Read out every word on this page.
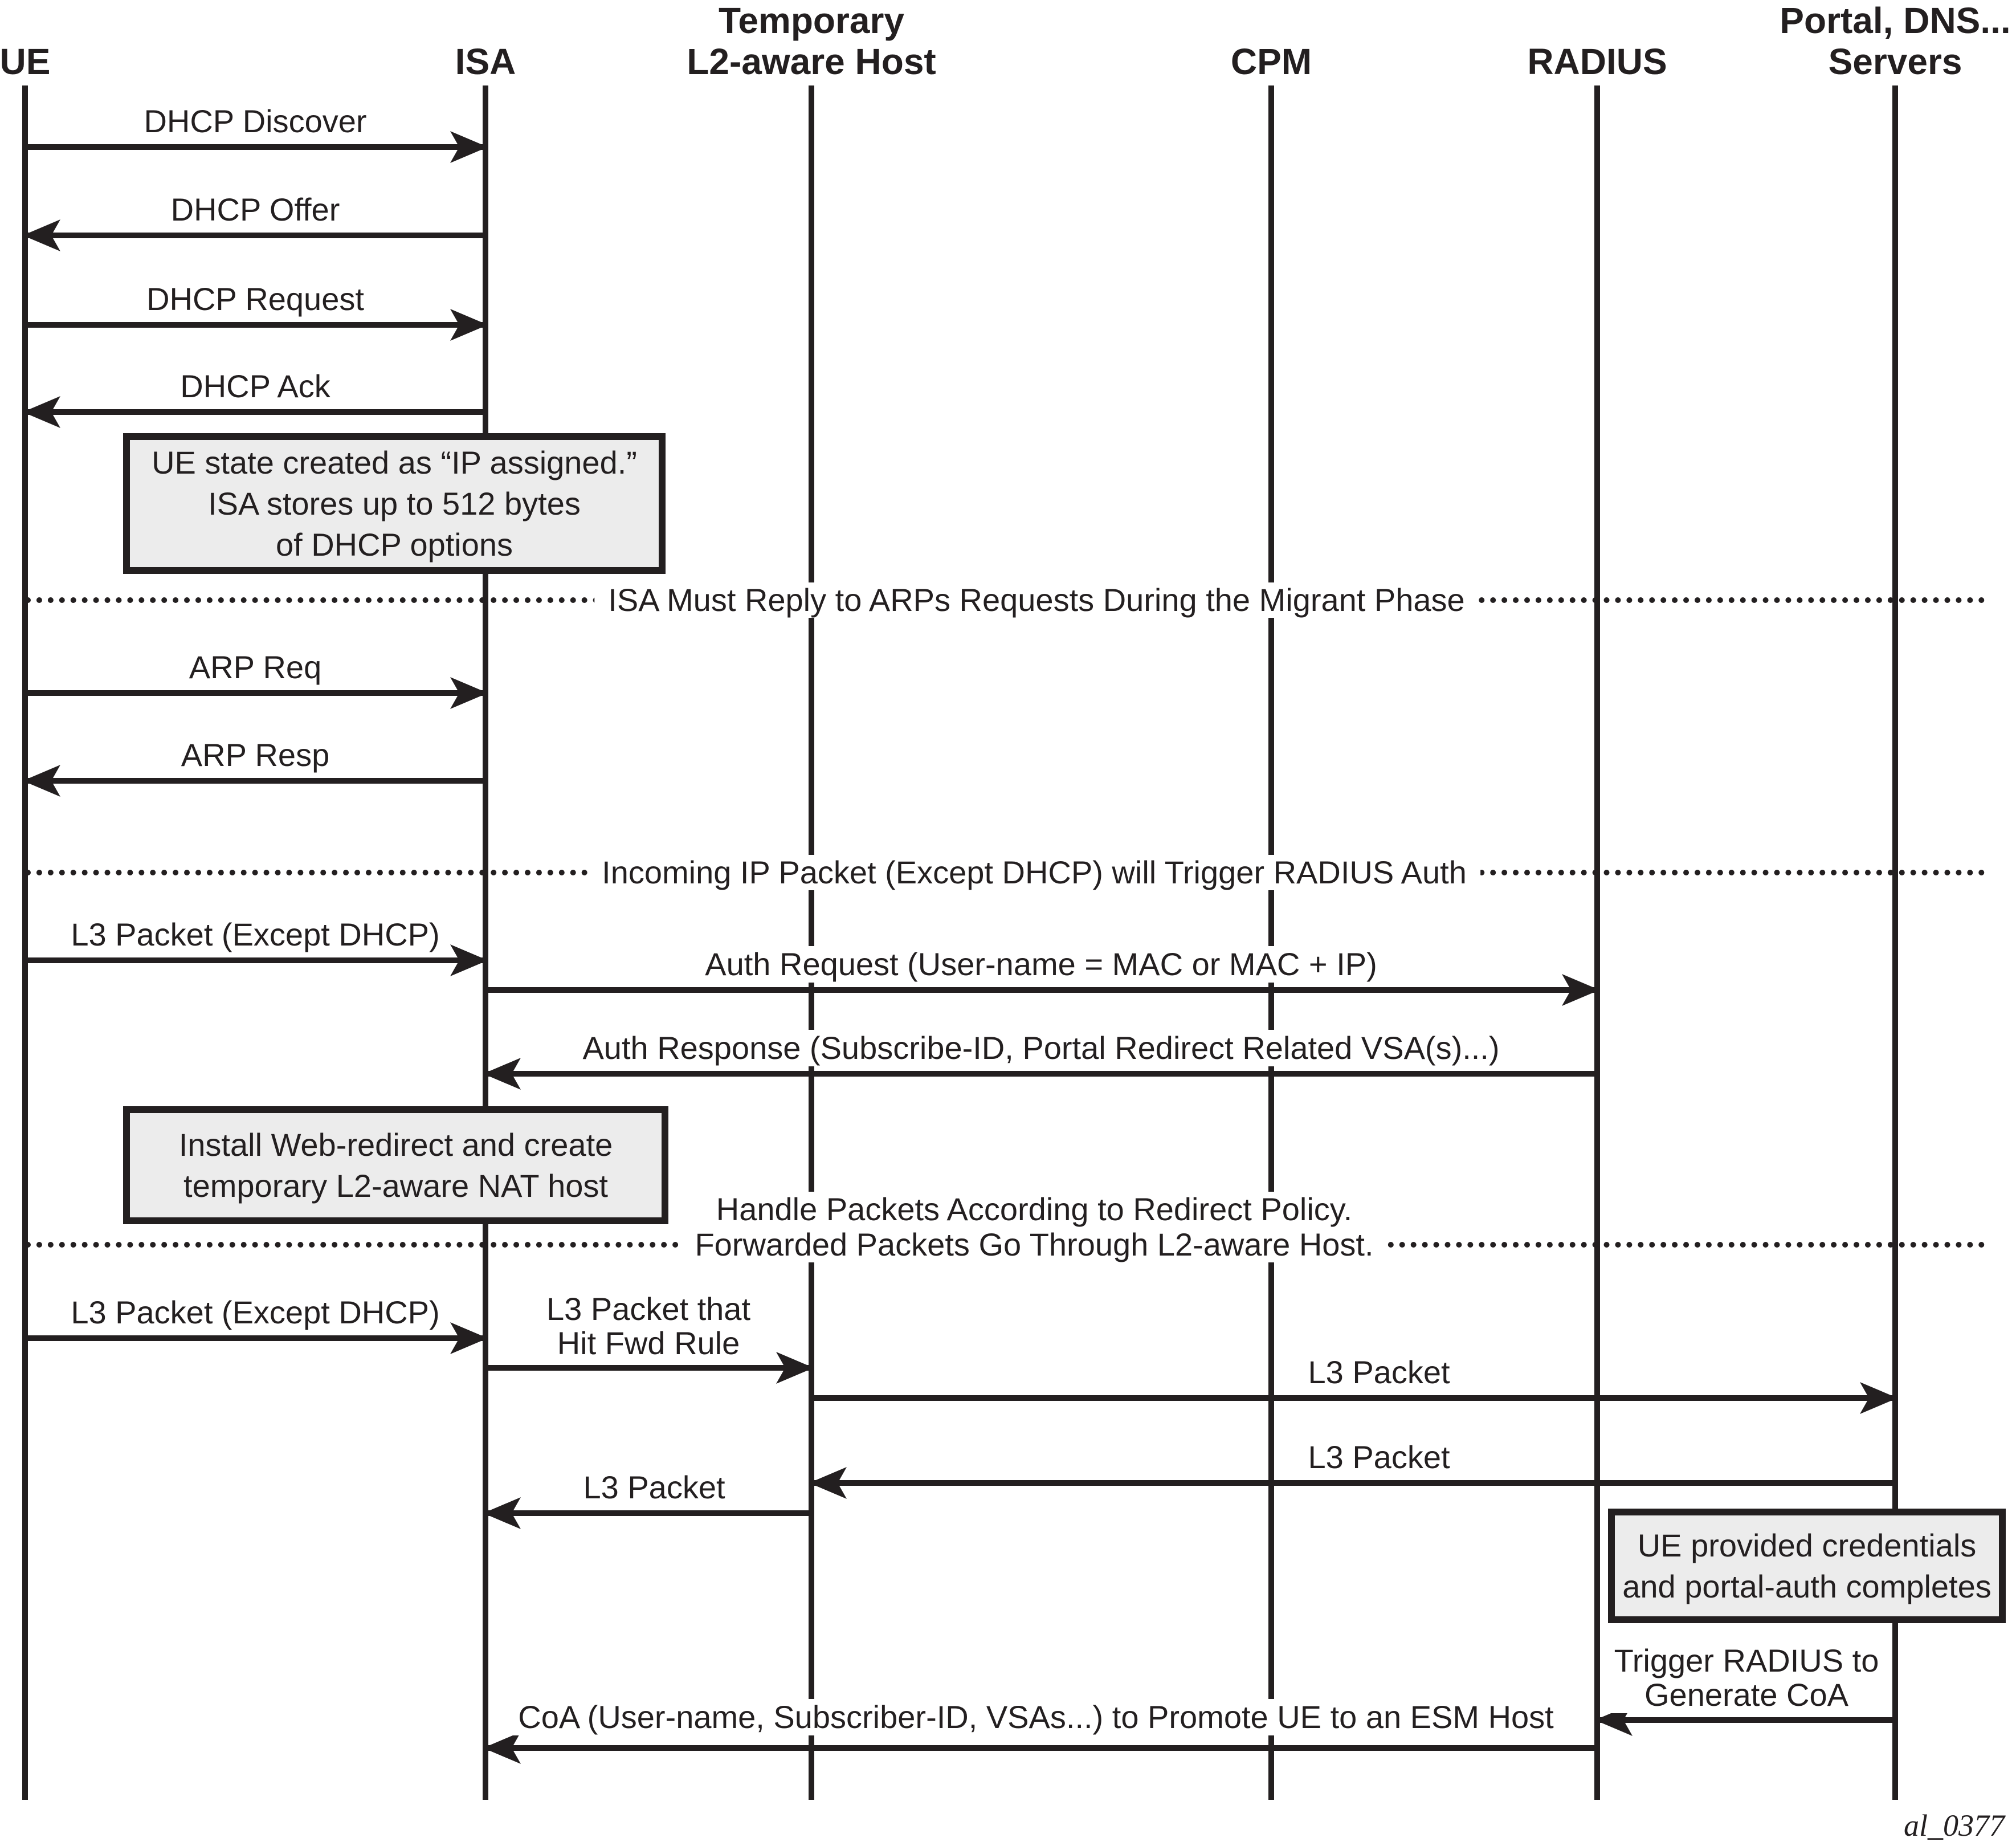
DHCP Discover
DHCP Offer
DHCP Request
DHCP Ack
ARP Req
ARP Resp
L3 Packet (Except DHCP)
Auth Request (User-name = MAC or MAC + IP)
Auth Response (Subscribe-ID, Portal Redirect Related VSA(s)...)
L3 Packet (Except DHCP)	L3 Packet that
Hit Fwd Rule
L3 Packet
L3 Packet
L3 Packet
Trigger RADIUS to
Generate CoA
CoA (User-name, Subscriber-ID, VSAs...) to Promote UE to an ESM Host
UE state created as “IP assigned.”
ISA stores up to 512 bytes
of DHCP options
Install Web-redirect and create
temporary L2-aware NAT host
UE provided credentials
and portal-auth completes
ISA Must Reply to ARPs Requests During the Migrant Phase
Incoming IP Packet (Except DHCP) will Trigger RADIUS Auth
Handle Packets According to Redirect Policy.
Forwarded Packets Go Through L2-aware Host.
UE	ISA
Temporary
L2-aware Host	CPM	RADIUS
Portal, DNS...
Servers
al_0377
